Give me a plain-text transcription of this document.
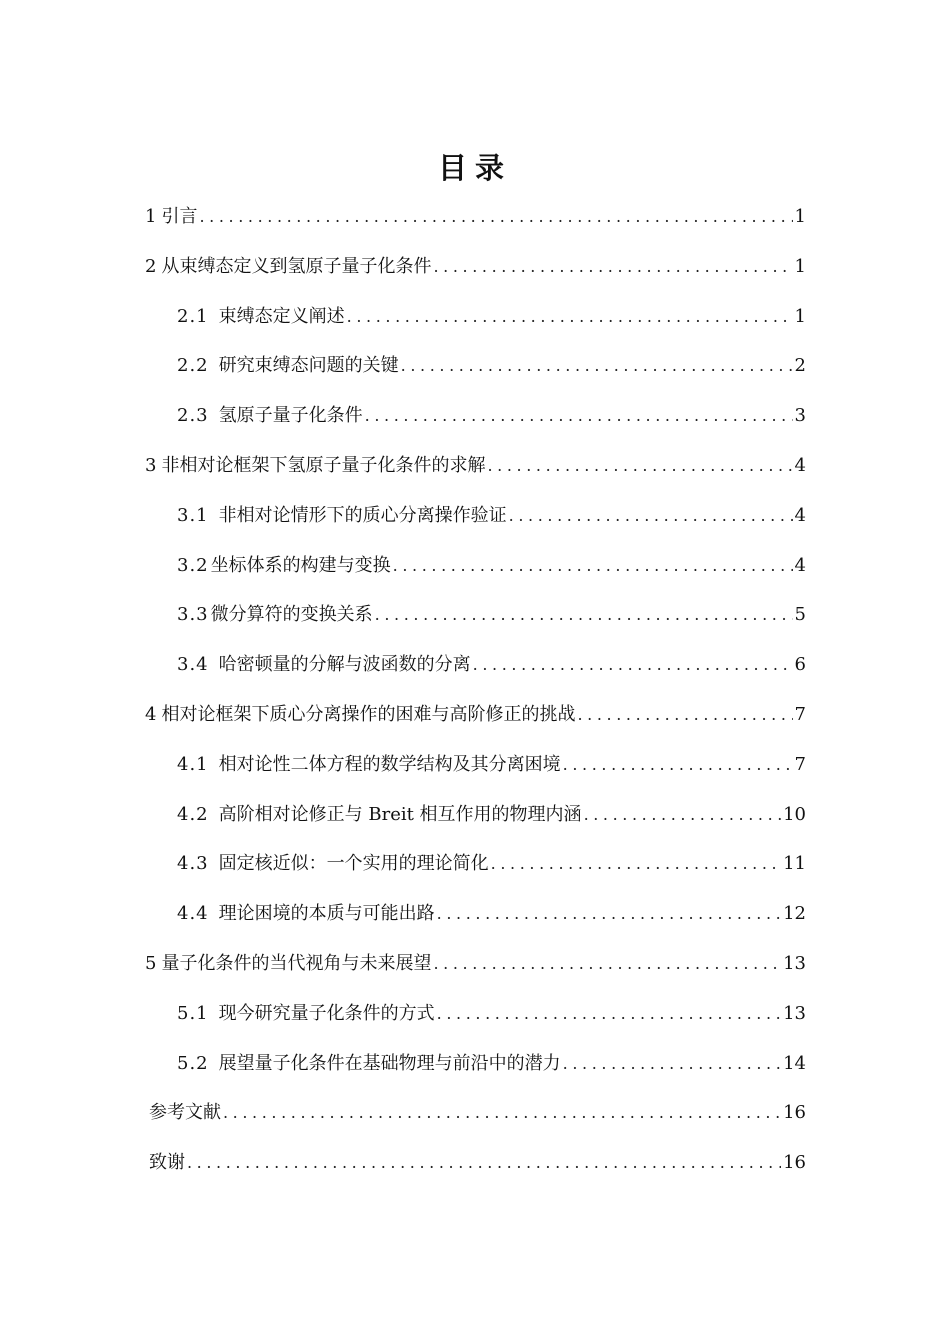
目录
1 引言 .....	1
2 从束缚态定义到氢原子量子化条件 .....	1
2.1 束缚态定义阐述 .....	1
2.2 研究束缚态问题的关键 .....	2
2.3 氢原子量子化条件 .....	3
3 非相对论框架下氢原子量子化条件的求解 .....	4
3.1 非相对论情形下的质心分离操作验证 .....	4
3.2 坐标体系的构建与变换 .....	4
3.3 微分算符的变换关系 .....	5
3.4 哈密顿量的分解与波函数的分离 .....	6
4 相对论框架下质心分离操作的困难与高阶修正的挑战 .....	7
4.1 相对论性二体方程的数学结构及其分离困境 .....	7
4.2 高阶相对论修正与 Breit 相互作用的物理内涵 .....	10
4.3 固定核近似：一个实用的理论简化 .....	11
4.4 理论困境的本质与可能出路 .....	12
5 量子化条件的当代视角与未来展望 .....	13
5.1 现今研究量子化条件的方式 .....	13
5.2 展望量子化条件在基础物理与前沿中的潜力 .....	14
参考文献 .....	16
致谢 .....	16
